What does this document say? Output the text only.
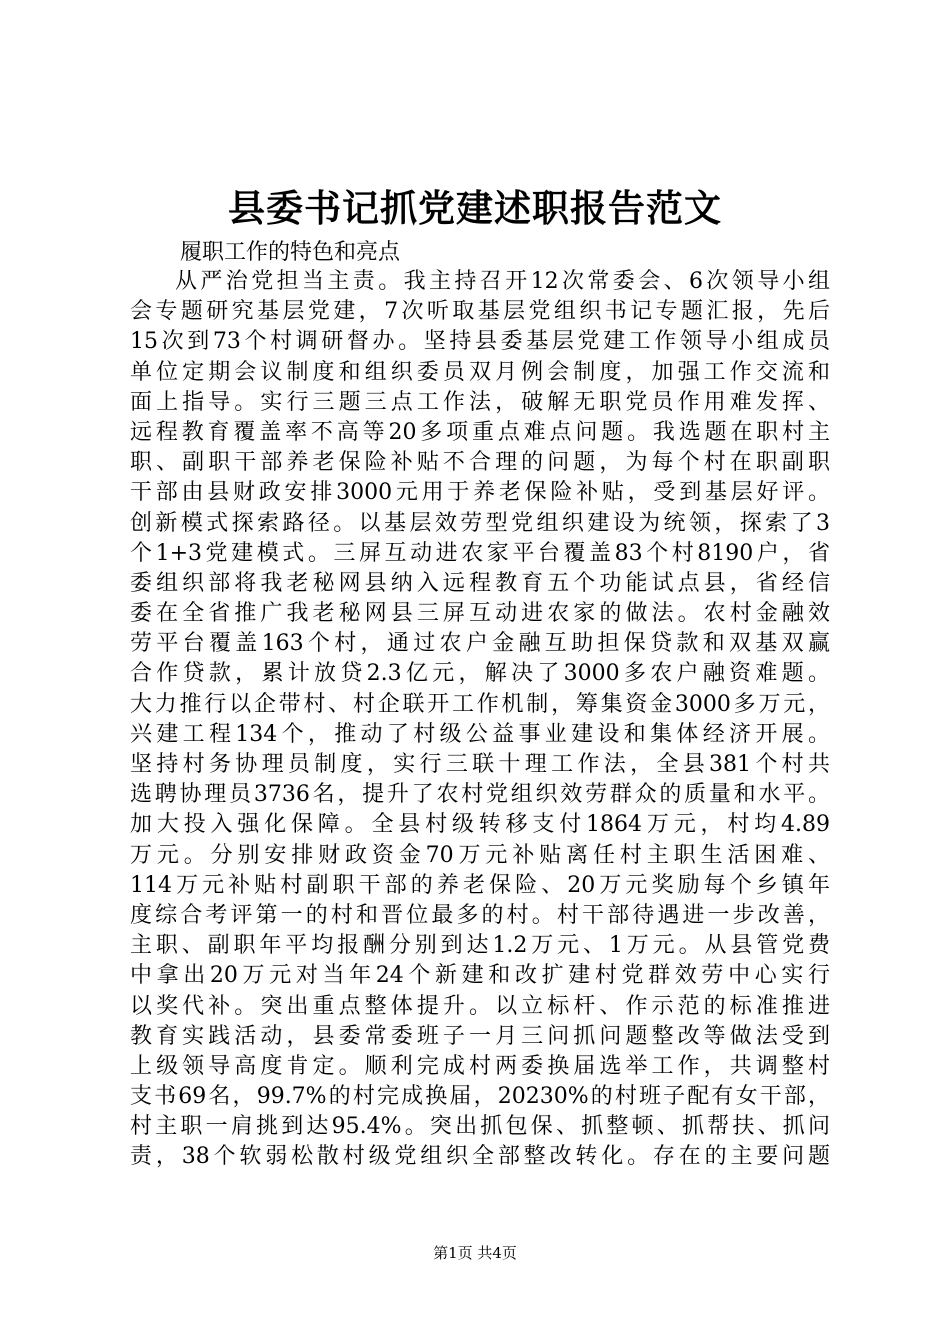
县委书记抓党建述职报告范文

履职工作的特色和亮点

从严治党担当主责。我主持召开12次常委会、6次领导小组
会专题研究基层党建，7次听取基层党组织书记专题汇报，先后
15次到73个村调研督办。坚持县委基层党建工作领导小组成员
单位定期会议制度和组织委员双月例会制度，加强工作交流和
面上指导。实行三题三点工作法，破解无职党员作用难发挥、
远程教育覆盖率不高等20多项重点难点问题。我选题在职村主
职、副职干部养老保险补贴不合理的问题，为每个村在职副职
干部由县财政安排3000元用于养老保险补贴，受到基层好评。
创新模式探索路径。以基层效劳型党组织建设为统领，探索了3
个1+3党建模式。三屏互动进农家平台覆盖83个村8190户，省
委组织部将我老秘网县纳入远程教育五个功能试点县，省经信
委在全省推广我老秘网县三屏互动进农家的做法。农村金融效
劳平台覆盖163个村，通过农户金融互助担保贷款和双基双赢
合作贷款，累计放贷2.3亿元，解决了3000多农户融资难题。
大力推行以企带村、村企联开工作机制，筹集资金3000多万元，
兴建工程134个，推动了村级公益事业建设和集体经济开展。
坚持村务协理员制度，实行三联十理工作法，全县381个村共
选聘协理员3736名，提升了农村党组织效劳群众的质量和水平。
加大投入强化保障。全县村级转移支付1864万元，村均4.89
万元。分别安排财政资金70万元补贴离任村主职生活困难、
114万元补贴村副职干部的养老保险、20万元奖励每个乡镇年
度综合考评第一的村和晋位最多的村。村干部待遇进一步改善，
主职、副职年平均报酬分别到达1.2万元、1万元。从县管党费
中拿出20万元对当年24个新建和改扩建村党群效劳中心实行
以奖代补。突出重点整体提升。以立标杆、作示范的标准推进
教育实践活动，县委常委班子一月三问抓问题整改等做法受到
上级领导高度肯定。顺利完成村两委换届选举工作，共调整村
支书69名，99.7%的村完成换届，20230%的村班子配有女干部，
村主职一肩挑到达95.4%。突出抓包保、抓整顿、抓帮扶、抓问
责，38个软弱松散村级党组织全部整改转化。存在的主要问题

第1页 共4页
